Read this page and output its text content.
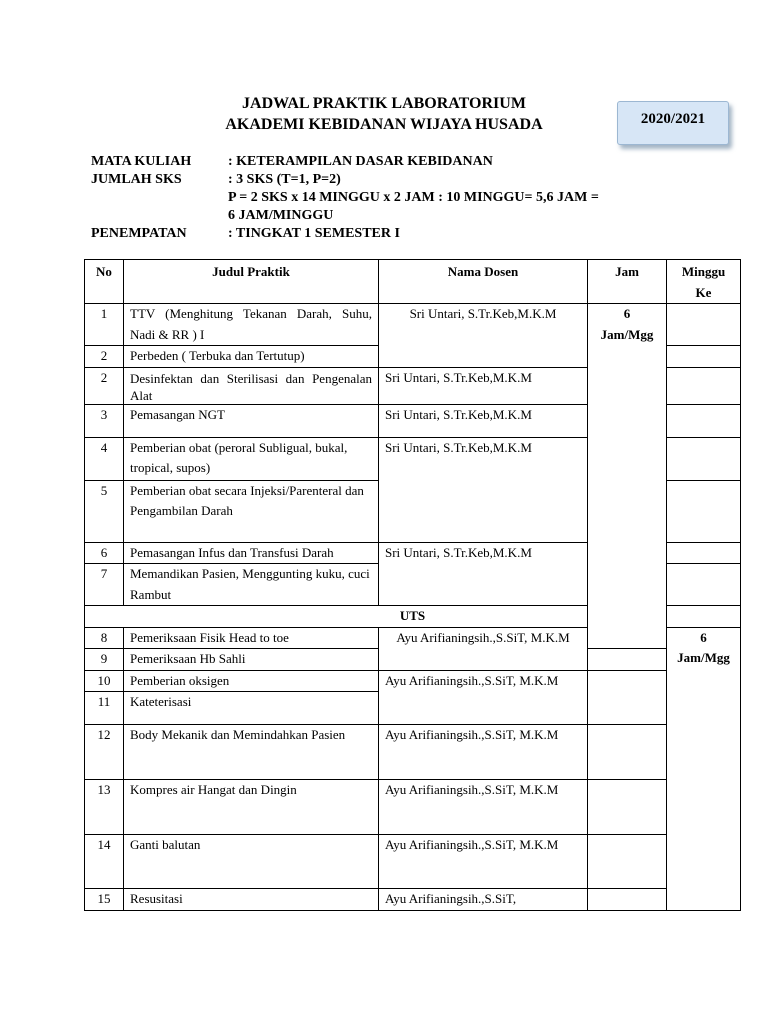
JADWAL PRAKTIK LABORATORIUM
AKADEMI KEBIDANAN WIJAYA HUSADA	2020/2021
MATA KULIAH	: KETERAMPILAN DASAR KEBIDANAN
JUMLAH SKS	: 3 SKS (T=1, P=2)
P = 2 SKS x 14 MINGGU x 2 JAM : 10 MINGGU= 5,6 JAM =
6 JAM/MINGGU
PENEMPATAN	: TINGKAT 1 SEMESTER I
No	Judul Praktik	Nama Dosen	Jam	Minggu
Ke	
1	TTV (Menghitung Tekanan Darah, Suhu, Nadi & RR ) I	Sri Untari, S.Tr.Keb,M.K.M	6
Jam/Mgg		
2	Perbeden ( Terbuka dan Tertutup)				
2	Desinfektan dan Sterilisasi dan Pengenalan Alat	Sri Untari, S.Tr.Keb,M.K.M			
3	Pemasangan NGT	Sri Untari, S.Tr.Keb,M.K.M			
4	Pemberian obat (peroral Subligual, bukal, tropical, supos)	Sri Untari, S.Tr.Keb,M.K.M			
5	Pemberian obat secara Injeksi/Parenteral dan Pengambilan Darah				
6	Pemasangan Infus dan Transfusi Darah	Sri Untari, S.Tr.Keb,M.K.M			
7	Memandikan Pasien, Menggunting kuku, cuci Rambut				
UTS					
8	Pemeriksaan Fisik Head to toe	Ayu Arifianingsih.,S.SiT, M.K.M		6
Jam/Mgg	
9	Pemeriksaan Hb Sahli				
10	Pemberian oksigen	Ayu Arifianingsih.,S.SiT, M.K.M			
11	Kateterisasi				
12	Body Mekanik dan Memindahkan Pasien	Ayu Arifianingsih.,S.SiT, M.K.M			
13	Kompres air Hangat dan Dingin	Ayu Arifianingsih.,S.SiT, M.K.M			
14	Ganti balutan	Ayu Arifianingsih.,S.SiT, M.K.M			
15	Resusitasi	Ayu Arifianingsih.,S.SiT,			
